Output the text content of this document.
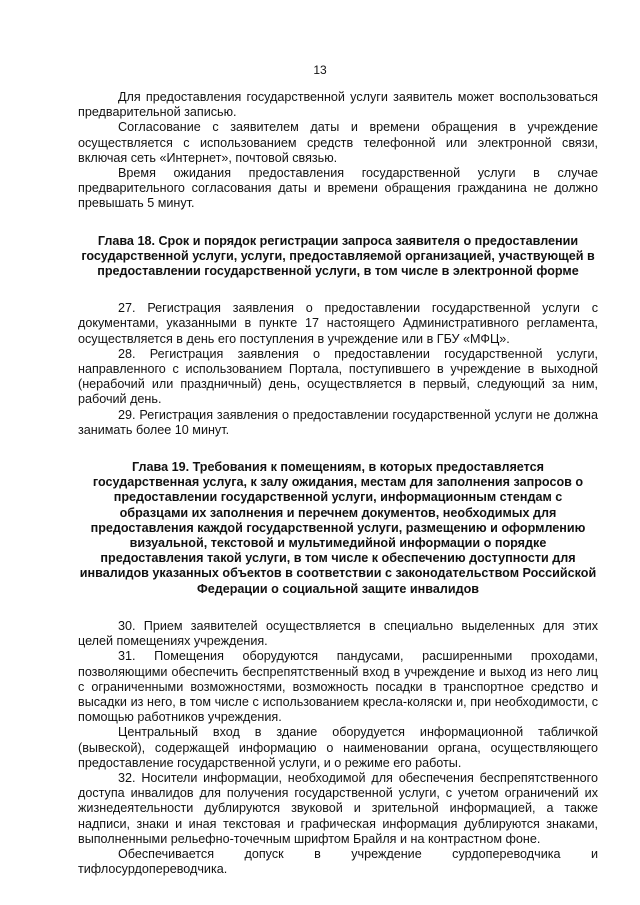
13

Для предоставления государственной услуги заявитель может воспользоваться предварительной записью.

Согласование с заявителем даты и времени обращения в учреждение осуществляется с использованием средств телефонной или электронной связи, включая сеть «Интернет», почтовой связью.

Время ожидания предоставления государственной услуги в случае предварительного согласования даты и времени обращения гражданина не должно превышать 5 минут.

Глава 18. Срок и порядок регистрации запроса заявителя о предоставлении государственной услуги, услуги, предоставляемой организацией, участвующей в предоставлении государственной услуги, в том числе в электронной форме

27. Регистрация заявления о предоставлении государственной услуги с документами, указанными в пункте 17 настоящего Административного регламента, осуществляется в день его поступления в учреждение или в ГБУ «МФЦ».

28. Регистрация заявления о предоставлении государственной услуги, направленного с использованием Портала, поступившего в учреждение в выходной (нерабочий или праздничный) день, осуществляется в первый, следующий за ним, рабочий день.

29. Регистрация заявления о предоставлении государственной услуги не должна занимать более 10 минут.

Глава 19. Требования к помещениям, в которых предоставляется государственная услуга, к залу ожидания, местам для заполнения запросов о предоставлении государственной услуги, информационным стендам с образцами их заполнения и перечнем документов, необходимых для предоставления каждой государственной услуги, размещению и оформлению визуальной, текстовой и мультимедийной информации о порядке предоставления такой услуги, в том числе к обеспечению доступности для инвалидов указанных объектов в соответствии с законодательством Российской Федерации о социальной защите инвалидов

30. Прием заявителей осуществляется в специально выделенных для этих целей помещениях учреждения.

31. Помещения оборудуются пандусами, расширенными проходами, позволяющими обеспечить беспрепятственный вход в учреждение и выход из него лиц с ограниченными возможностями, возможность посадки в транспортное средство и высадки из него, в том числе с использованием кресла-коляски и, при необходимости, с помощью работников учреждения.

Центральный вход в здание оборудуется информационной табличкой (вывеской), содержащей информацию о наименовании органа, осуществляющего предоставление государственной услуги, и о режиме его работы.

32. Носители информации, необходимой для обеспечения беспрепятственного доступа инвалидов для получения государственной услуги, с учетом ограничений их жизнедеятельности дублируются звуковой и зрительной информацией, а также надписи, знаки и иная текстовая и графическая информация дублируются знаками, выполненными рельефно-точечным шрифтом Брайля и на контрастном фоне.

Обеспечивается допуск в учреждение сурдопереводчика и тифлосурдопереводчика.
